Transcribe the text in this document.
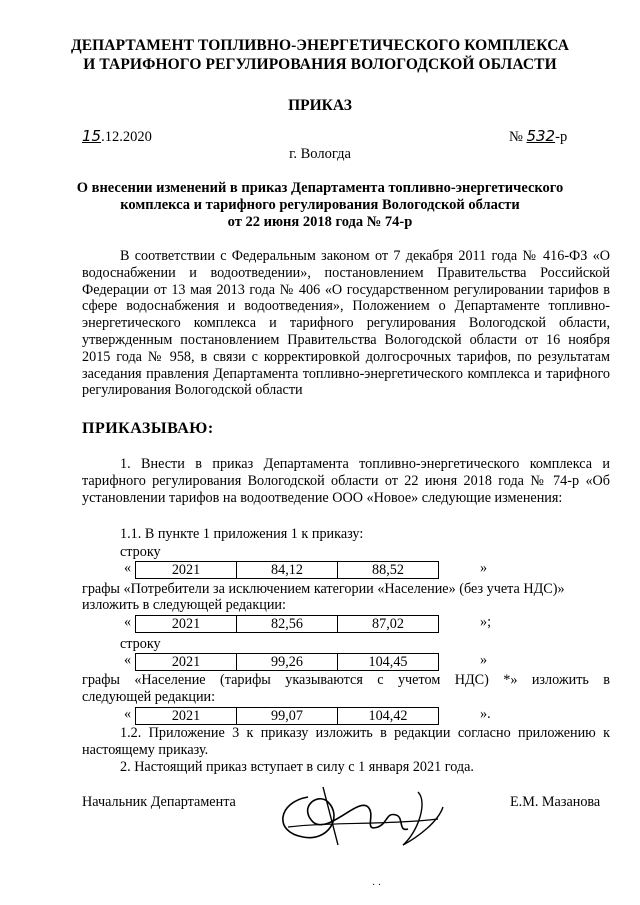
ДЕПАРТАМЕНТ ТОПЛИВНО-ЭНЕРГЕТИЧЕСКОГО КОМПЛЕКСА
И ТАРИФНОГО РЕГУЛИРОВАНИЯ ВОЛОГОДСКОЙ ОБЛАСТИ
ПРИКАЗ
15.12.2020	№ 532-р
г. Вологда
О внесении изменений в приказ Департамента топливно-энергетического
комплекса и тарифного регулирования Вологодской области
от 22 июня 2018 года № 74-р
В соответствии с Федеральным законом от 7 декабря 2011 года № 416-ФЗ «О водоснабжении и водоотведении», постановлением Правительства Российской Федерации от 13 мая 2013 года № 406 «О государственном регулировании тарифов в сфере водоснабжения и водоотведения», Положением о Департаменте топливно-энергетического комплекса и тарифного регулирования Вологодской области, утвержденным постановлением Правительства Вологодской области от 16 ноября 2015 года № 958, в связи с корректировкой долгосрочных тарифов, по результатам заседания правления Департамента топливно-энергетического комплекса и тарифного регулирования Вологодской области
ПРИКАЗЫВАЮ:
1. Внести в приказ Департамента топливно-энергетического комплекса и тарифного регулирования Вологодской области от 22 июня 2018 года № 74-р «Об установлении тарифов на водоотведение ООО «Новое» следующие изменения:
1.1. В пункте 1 приложения 1 к приказу:
строку
«	2021	84,12	88,52	»
графы «Потребители за исключением категории «Население» (без учета НДС)»
изложить в следующей редакции:
«	2021	82,56	87,02	»;
строку
«	2021	99,26	104,45	»
графы «Население (тарифы указываются с учетом НДС) *» изложить в
следующей редакции:
«	2021	99,07	104,42	».
1.2. Приложение 3 к приказу изложить в редакции согласно приложению к настоящему приказу.
2. Настоящий приказ вступает в силу с 1 января 2021 года.
Начальник Департамента	Е.М. Мазанова
· ·
